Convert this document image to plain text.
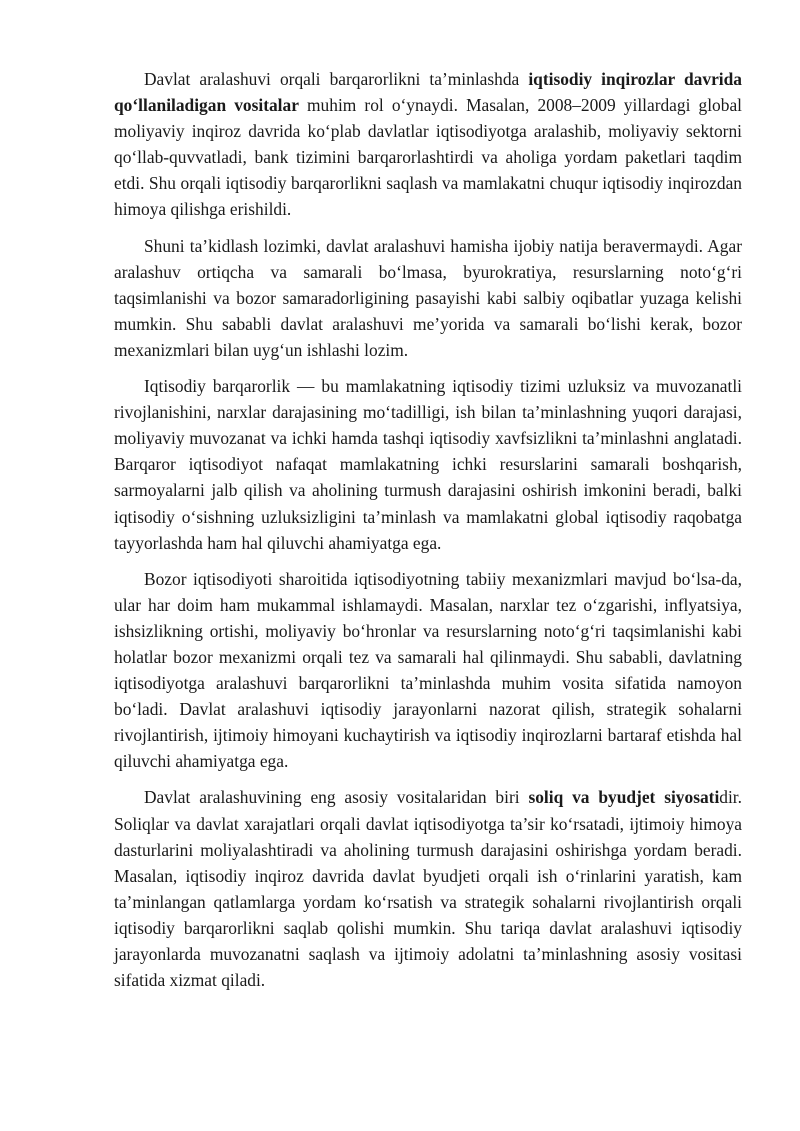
Davlat aralashuvi orqali barqarorlikni ta’minlashda iqtisodiy inqirozlar davrida qo‘llaniladigan vositalar muhim rol o‘ynaydi. Masalan, 2008–2009 yillardagi global moliyaviy inqiroz davrida ko‘plab davlatlar iqtisodiyotga aralashib, moliyaviy sektorni qo‘llab-quvvatladi, bank tizimini barqarorlashtirdi va aholiga yordam paketlari taqdim etdi. Shu orqali iqtisodiy barqarorlikni saqlash va mamlakatni chuqur iqtisodiy inqirozdan himoya qilishga erishildi.

Shuni ta’kidlash lozimki, davlat aralashuvi hamisha ijobiy natija beravermaydi. Agar aralashuv ortiqcha va samarali bo‘lmasa, byurokratiya, resurslarning noto‘g‘ri taqsimlanishi va bozor samaradorligining pasayishi kabi salbiy oqibatlar yuzaga kelishi mumkin. Shu sababli davlat aralashuvi me’yorida va samarali bo‘lishi kerak, bozor mexanizmlari bilan uyg‘un ishlashi lozim.

Iqtisodiy barqarorlik — bu mamlakatning iqtisodiy tizimi uzluksiz va muvozanatli rivojlanishini, narxlar darajasining mo‘tadilligi, ish bilan ta’minlashning yuqori darajasi, moliyaviy muvozanat va ichki hamda tashqi iqtisodiy xavfsizlikni ta’minlashni anglatadi. Barqaror iqtisodiyot nafaqat mamlakatning ichki resurslarini samarali boshqarish, sarmoyalarni jalb qilish va aholining turmush darajasini oshirish imkonini beradi, balki iqtisodiy o‘sishning uzluksizligini ta’minlash va mamlakatni global iqtisodiy raqobatga tayyorlashda ham hal qiluvchi ahamiyatga ega.

Bozor iqtisodiyoti sharoitida iqtisodiyotning tabiiy mexanizmlari mavjud bo‘lsa-da, ular har doim ham mukammal ishlamaydi. Masalan, narxlar tez o‘zgarishi, inflyatsiya, ishsizlikning ortishi, moliyaviy bo‘hronlar va resurslarning noto‘g‘ri taqsimlanishi kabi holatlar bozor mexanizmi orqali tez va samarali hal qilinmaydi. Shu sababli, davlatning iqtisodiyotga aralashuvi barqarorlikni ta’minlashda muhim vosita sifatida namoyon bo‘ladi. Davlat aralashuvi iqtisodiy jarayonlarni nazorat qilish, strategik sohalarni rivojlantirish, ijtimoiy himoyani kuchaytirish va iqtisodiy inqirozlarni bartaraf etishda hal qiluvchi ahamiyatga ega.

Davlat aralashuvining eng asosiy vositalaridan biri soliq va byudjet siyosatidir. Soliqlar va davlat xarajatlari orqali davlat iqtisodiyotga ta’sir ko‘rsatadi, ijtimoiy himoya dasturlarini moliyalashtiradi va aholining turmush darajasini oshirishga yordam beradi. Masalan, iqtisodiy inqiroz davrida davlat byudjeti orqali ish o‘rinlarini yaratish, kam ta’minlangan qatlamlarga yordam ko‘rsatish va strategik sohalarni rivojlantirish orqali iqtisodiy barqarorlikni saqlab qolishi mumkin. Shu tariqa davlat aralashuvi iqtisodiy jarayonlarda muvozanatni saqlash va ijtimoiy adolatni ta’minlashning asosiy vositasi sifatida xizmat qiladi.
